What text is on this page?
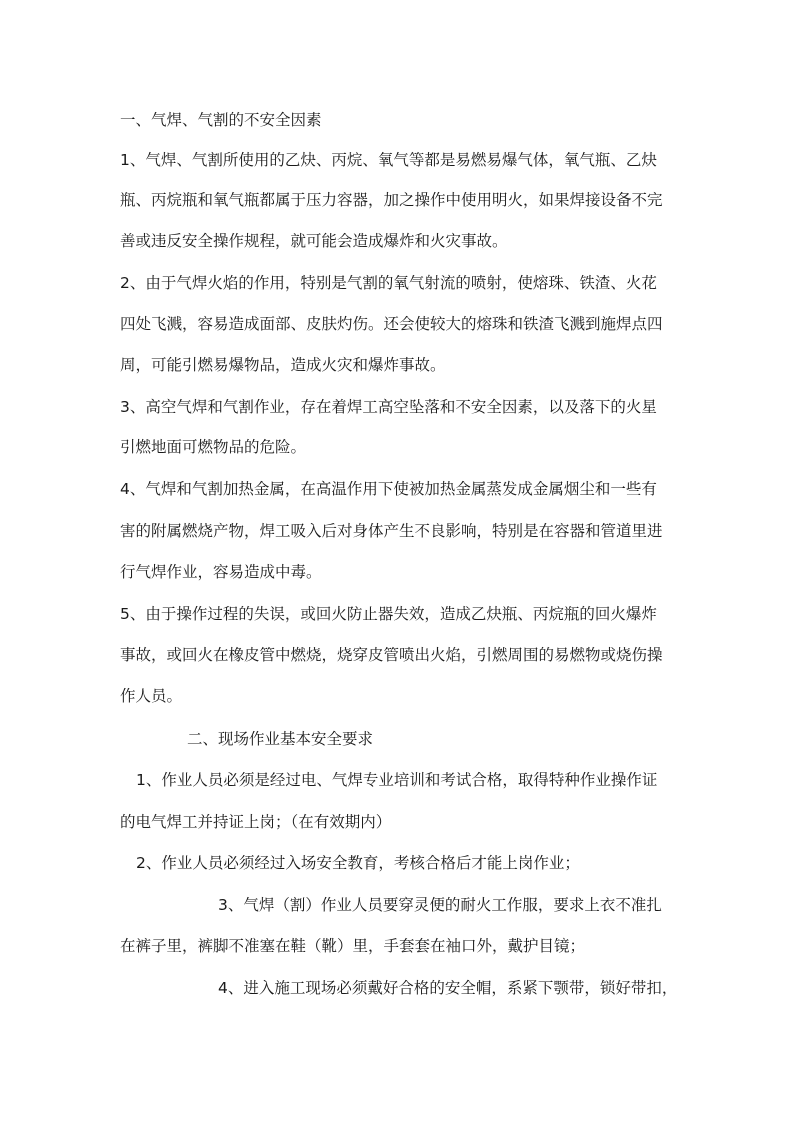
一、气焊、气割的不安全因素
1、气焊、气割所使用的乙炔、丙烷、氧气等都是易燃易爆气体，氧气瓶、乙炔
瓶、丙烷瓶和氧气瓶都属于压力容器，加之操作中使用明火，如果焊接设备不完
善或违反安全操作规程，就可能会造成爆炸和火灾事故。
2、由于气焊火焰的作用，特别是气割的氧气射流的喷射，使熔珠、铁渣、火花
四处飞溅，容易造成面部、皮肤灼伤。还会使较大的熔珠和铁渣飞溅到施焊点四
周，可能引燃易爆物品，造成火灾和爆炸事故。
3、高空气焊和气割作业，存在着焊工高空坠落和不安全因素，以及落下的火星
引燃地面可燃物品的危险。
4、气焊和气割加热金属，在高温作用下使被加热金属蒸发成金属烟尘和一些有
害的附属燃烧产物，焊工吸入后对身体产生不良影响，特别是在容器和管道里进
行气焊作业，容易造成中毒。
5、由于操作过程的失误，或回火防止器失效，造成乙炔瓶、丙烷瓶的回火爆炸
事故，或回火在橡皮管中燃烧，烧穿皮管喷出火焰，引燃周围的易燃物或烧伤操
作人员。
二、现场作业基本安全要求
1、作业人员必须是经过电、气焊专业培训和考试合格，取得特种作业操作证
的电气焊工并持证上岗；（在有效期内）
2、作业人员必须经过入场安全教育，考核合格后才能上岗作业；
3、气焊（割）作业人员要穿灵便的耐火工作服，要求上衣不准扎
在裤子里，裤脚不准塞在鞋（靴）里，手套套在袖口外，戴护目镜；
4、进入施工现场必须戴好合格的安全帽，系紧下颚带，锁好带扣，
